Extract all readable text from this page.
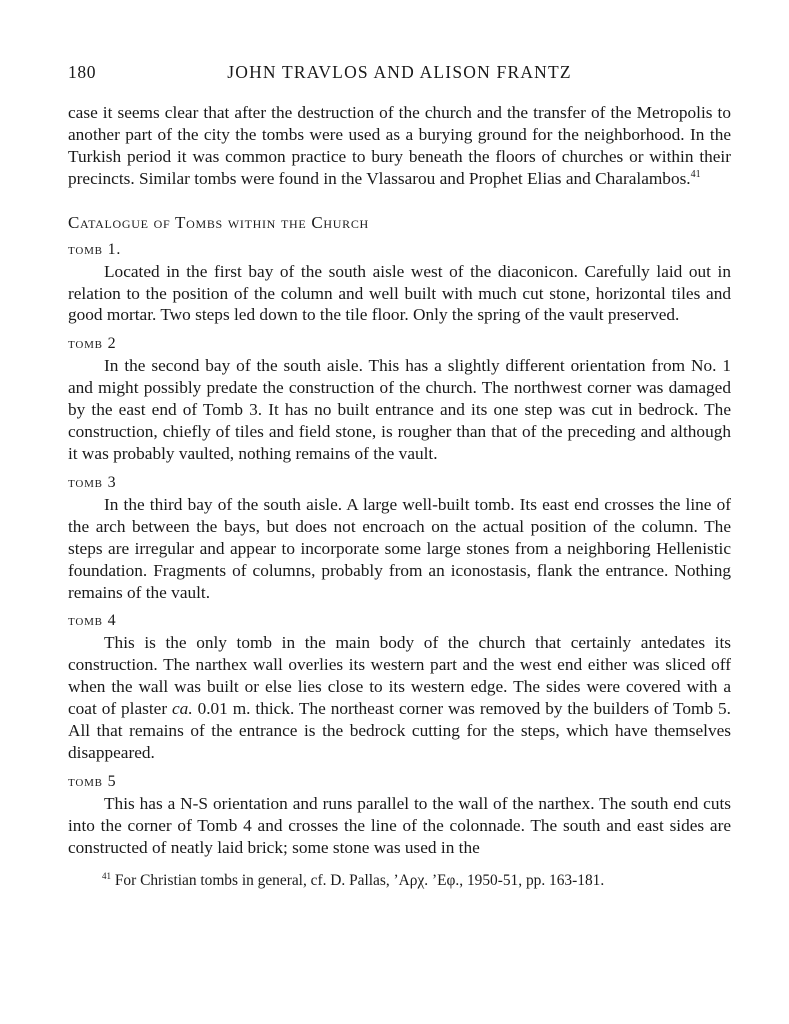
180	JOHN TRAVLOS AND ALISON FRANTZ

case it seems clear that after the destruction of the church and the transfer of the Metropolis to another part of the city the tombs were used as a burying ground for the neighborhood. In the Turkish period it was common practice to bury beneath the floors of churches or within their precincts. Similar tombs were found in the Vlassarou and Prophet Elias and Charalambos.$^{41}$

Catalogue of Tombs within the Church
tomb 1.

Located in the first bay of the south aisle west of the diaconicon. Carefully laid out in relation to the position of the column and well built with much cut stone, horizontal tiles and good mortar. Two steps led down to the tile floor. Only the spring of the vault preserved.

tomb 2

In the second bay of the south aisle. This has a slightly different orientation from No. 1 and might possibly predate the construction of the church. The northwest corner was damaged by the east end of Tomb 3. It has no built entrance and its one step was cut in bedrock. The construction, chiefly of tiles and field stone, is rougher than that of the preceding and although it was probably vaulted, nothing remains of the vault.

tomb 3

In the third bay of the south aisle. A large well-built tomb. Its east end crosses the line of the arch between the bays, but does not encroach on the actual position of the column. The steps are irregular and appear to incorporate some large stones from a neighboring Hellenistic foundation. Fragments of columns, probably from an iconostasis, flank the entrance. Nothing remains of the vault.

tomb 4

This is the only tomb in the main body of the church that certainly antedates its construction. The narthex wall overlies its western part and the west end either was sliced off when the wall was built or else lies close to its western edge. The sides were covered with a coat of plaster ca. 0.01 m. thick. The northeast corner was removed by the builders of Tomb 5. All that remains of the entrance is the bedrock cutting for the steps, which have themselves disappeared.

tomb 5

This has a N-S orientation and runs parallel to the wall of the narthex. The south end cuts into the corner of Tomb 4 and crosses the line of the colonnade. The south and east sides are constructed of neatly laid brick; some stone was used in the

$^{41}$ For Christian tombs in general, cf. D. Pallas, ’Αρχ. ’Εφ., 1950-51, pp. 163-181.
